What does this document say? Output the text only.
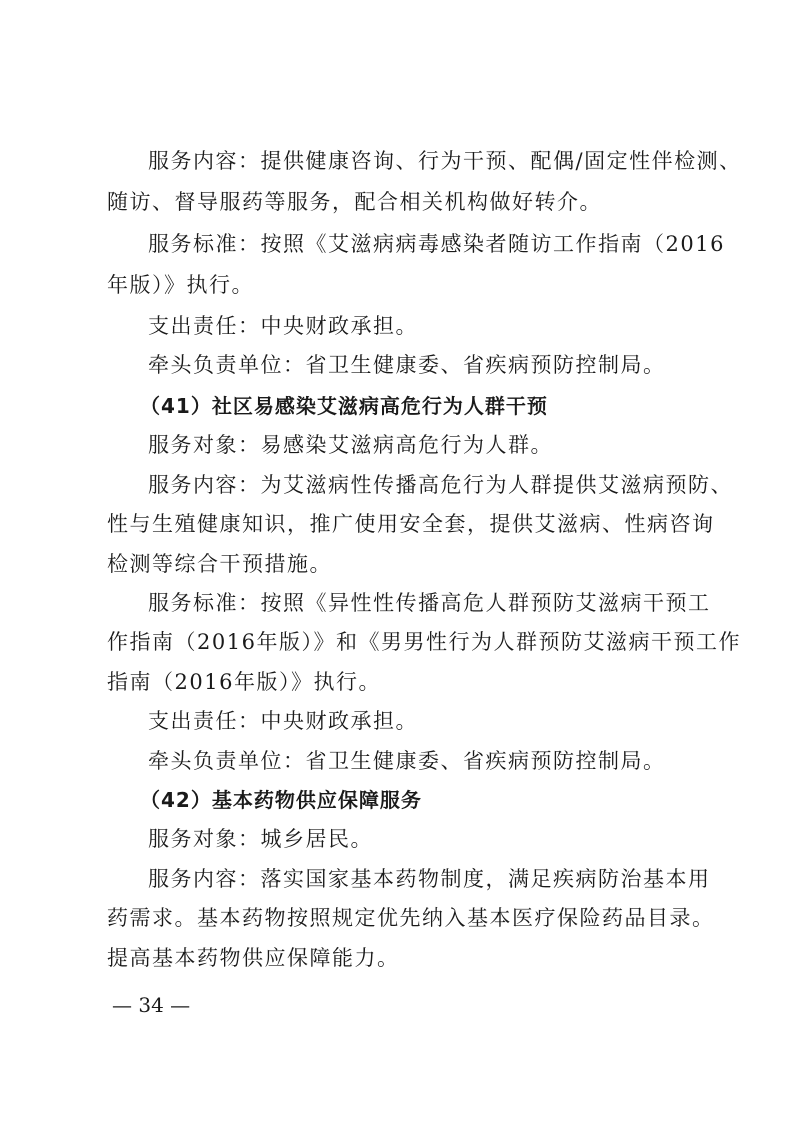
服务内容：提供健康咨询、行为干预、配偶/固定性伴检测、
随访、督导服药等服务，配合相关机构做好转介。
服务标准：按照《艾滋病病毒感染者随访工作指南（2016
年版）》执行。
支出责任：中央财政承担。
牵头负责单位：省卫生健康委、省疾病预防控制局。
（41）社区易感染艾滋病高危行为人群干预
服务对象：易感染艾滋病高危行为人群。
服务内容：为艾滋病性传播高危行为人群提供艾滋病预防、
性与生殖健康知识，推广使用安全套，提供艾滋病、性病咨询
检测等综合干预措施。
服务标准：按照《异性性传播高危人群预防艾滋病干预工
作指南（2016年版）》和《男男性行为人群预防艾滋病干预工作
指南（2016年版）》执行。
支出责任：中央财政承担。
牵头负责单位：省卫生健康委、省疾病预防控制局。
（42）基本药物供应保障服务
服务对象：城乡居民。
服务内容：落实国家基本药物制度，满足疾病防治基本用
药需求。基本药物按照规定优先纳入基本医疗保险药品目录。
提高基本药物供应保障能力。
— 34 —
